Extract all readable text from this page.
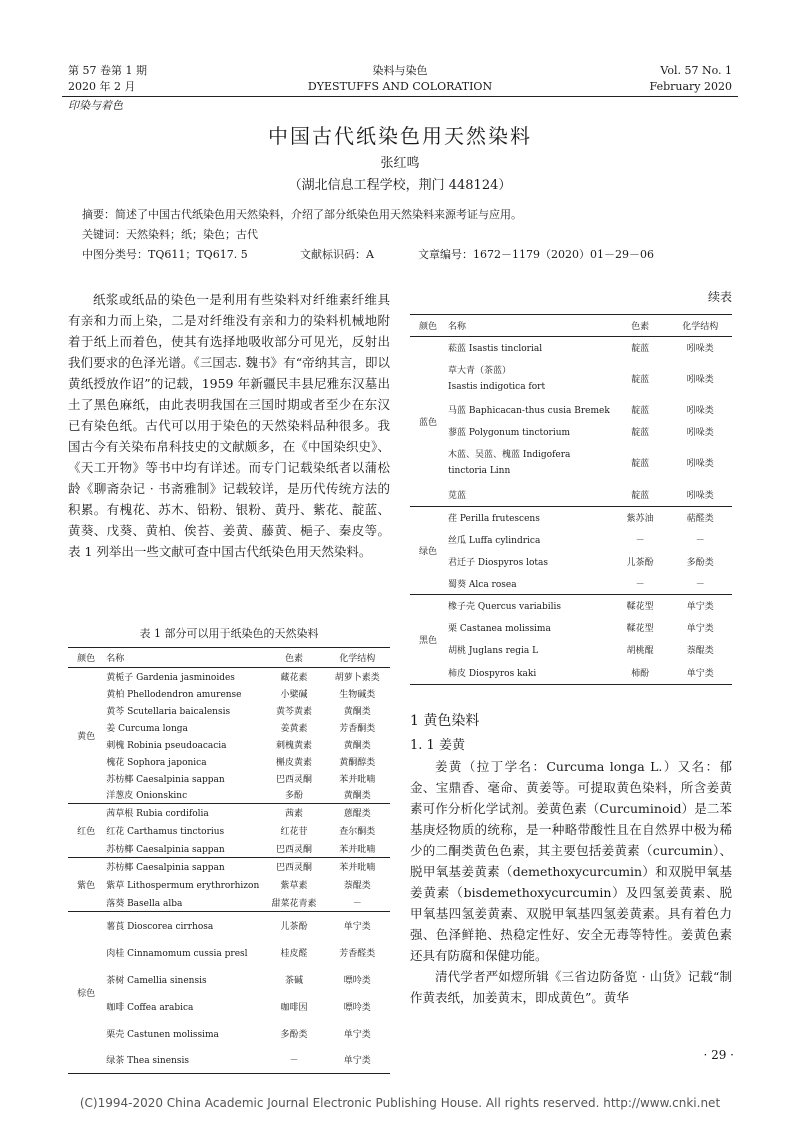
第 57 卷第 1 期
2020 年 2 月
染料与染色
DYESTUFFS AND COLORATION
Vol. 57 No. 1
February 2020
印染与着色
中国古代纸染色用天然染料
张红鸣
（湖北信息工程学校，荆门 448124）
摘要：简述了中国古代纸染色用天然染料，介绍了部分纸染色用天然染料来源考证与应用。
关键词：天然染料；纸；染色；古代
中图分类号：TQ611；TQ617. 5	文献标识码：A	文章编号：1672－1179（2020）01－29－06

纸浆或纸品的染色一是利用有些染料对纤维素纤维具有亲和力而上染，二是对纤维没有亲和力的染料机械地附着于纸上而着色，使其有选择地吸收部分可见光，反射出我们要求的色泽光谱。《三国志. 魏书》有“帝纳其言，即以黄纸授放作诏”的记载，1959 年新疆民丰县尼雅东汉墓出土了黑色麻纸，由此表明我国在三国时期或者至少在东汉已有染色纸。古代可以用于染色的天然染料品种很多。我国古今有关染布帛科技史的文献颇多，在《中国染织史》、《天工开物》等书中均有详述。而专门记载染纸者以蒲松龄《聊斋杂记 · 书斋雅制》记载较详，是历代传统方法的积累。有槐花、苏木、铅粉、银粉、黄丹、紫花、靛蓝、黄葵、戊葵、黄柏、俟苔、姜黄、藤黄、梔子、秦皮等。表 1 列举出一些文献可查中国古代纸染色用天然染料。

表 1 部分可以用于纸染色的天然染料
颜色	名称	色素	化学结构
黄色	黄栀子 Gardenia jasminoides	藏花素	胡萝卜素类
	黄柏 Phellodendron amurense	小檗碱	生物碱类
	黄芩 Scutellaria baicalensis	黄芩黄素	黄酮类
	姜 Curcuma longa	姜黄素	芳香酮类
	刺槐 Robinia pseudoacacia	刺槐黄素	黄酮类
	槐花 Sophora japonica	槲皮黄素	黄酮醇类
	苏枋椰 Caesalpinia sappan	巴西灵酮	苯并吡喃
	洋葱皮 Onionskinc	多酚	黄酮类
红色	茜草根 Rubia cordifolia	茜素	蒽醌类
	红花 Carthamus tinctorius	红花苷	查尔酮类
	苏枋椰 Caesalpinia sappan	巴西灵酮	苯并吡喃
紫色	苏枋椰 Caesalpinia sappan	巴西灵酮	苯并吡喃
	紫草 Lithospermum erythrorhizon	紫草素	萘醌类
	落葵 Basella alba	甜菜花青素	－
棕色	薯莨 Dioscorea cirrhosa	儿茶酚	单宁类
	肉桂 Cinnamomum cussia presl	桂皮醛	芳香醛类
	茶树 Camellia sinensis	茶碱	嘌呤类
	咖啡 Coffea arabica	咖啡因	嘌呤类
	栗壳 Castunen molissima	多酚类	单宁类
	绿茶 Thea sinensis	－	单宁类
续表
颜色	名称	色素	化学结构
蓝色	菘蓝 Isastis tinclorial	靛蓝	吲哚类
	草大青（茶蓝）
Isastis indigotica fort	靛蓝	吲哚类
	马蓝 Baphicacan-thus cusia Bremek	靛蓝	吲哚类
	蓼蓝 Polygonum tinctorium	靛蓝	吲哚类
	木蓝、吴蓝、槐蓝 Indigofera
tinctoria Linn	靛蓝	吲哚类
	苋蓝	靛蓝	吲哚类
绿色	荏 Perilla frutescens	紫苏油	萜醛类
	丝瓜 Luffa cylindrica	－	－
	君迁子 Diospyros lotas	儿茶酚	多酚类
	蜀葵 Alca rosea	－	－
黑色	橡子壳 Quercus variabilis	鞣花型	单宁类
	栗 Castanea molissima	鞣花型	单宁类
	胡桃 Juglans regia L	胡桃醌	萘醌类
	柿皮 Diospyros kaki	柿酚	单宁类
1 黄色染料
1. 1 姜黄

姜黄（拉丁学名：Curcuma longa L.）又名：郁金、宝鼎香、毫命、黄姜等。可提取黄色染料，所含姜黄素可作分析化学试剂。姜黄色素（Curcuminoid）是二苯基庚烃物质的统称，是一种略带酸性且在自然界中极为稀少的二酮类黄色色素，其主要包括姜黄素（curcumin）、脱甲氧基姜黄素（demethoxycurcumin）和双脱甲氧基姜黄素（bisdemethoxycurcumin）及四氢姜黄素、脱甲氧基四氢姜黄素、双脱甲氧基四氢姜黄素。具有着色力强、色泽鲜艳、热稳定性好、安全无毒等特性。姜黄色素还具有防腐和保健功能。

清代学者严如熤所辑《三省边防备览 · 山货》记载“制作黄表纸，加姜黄末，即成黄色”。黄华

· 29 ·
(C)1994-2020 China Academic Journal Electronic Publishing House. All rights reserved. http://www.cnki.net
